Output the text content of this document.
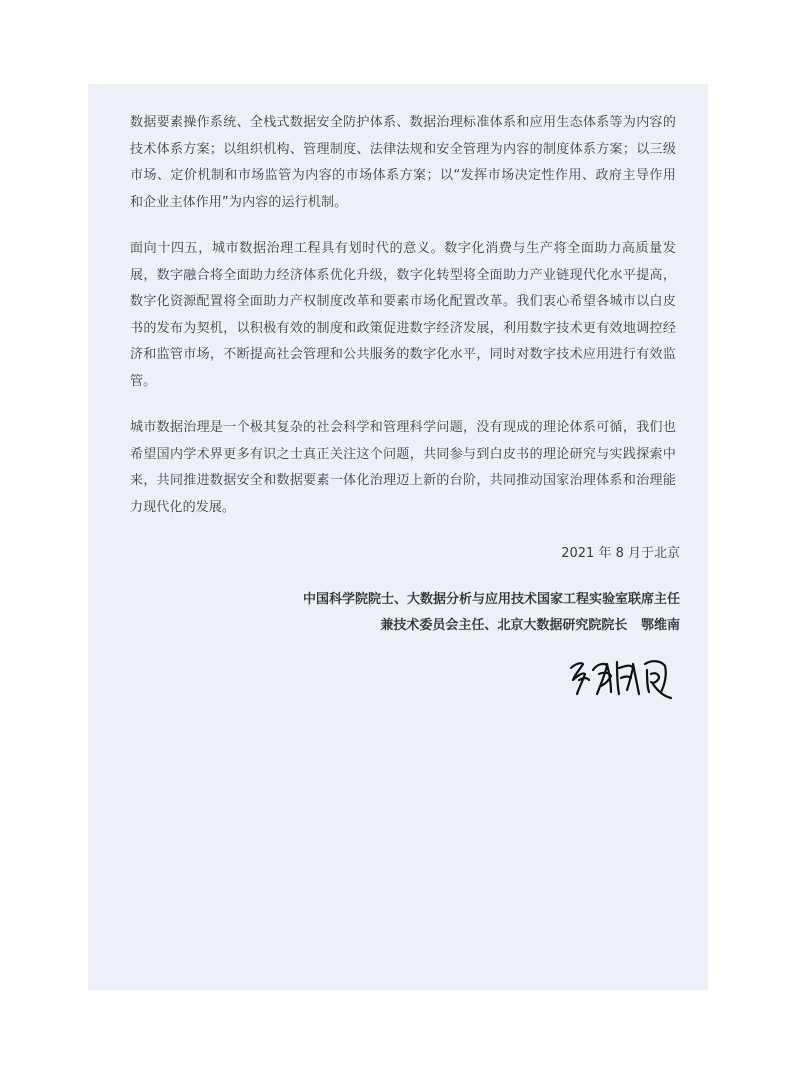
数据要素操作系统、全栈式数据安全防护体系、数据治理标准体系和应用生态体系等为内容的技术体系方案；以组织机构、管理制度、法律法规和安全管理为内容的制度体系方案；以三级市场、定价机制和市场监管为内容的市场体系方案；以“发挥市场决定性作用、政府主导作用和企业主体作用”为内容的运行机制。

面向十四五，城市数据治理工程具有划时代的意义。数字化消费与生产将全面助力高质量发展，数字融合将全面助力经济体系优化升级，数字化转型将全面助力产业链现代化水平提高，数字化资源配置将全面助力产权制度改革和要素市场化配置改革。我们衷心希望各城市以白皮书的发布为契机，以积极有效的制度和政策促进数字经济发展，利用数字技术更有效地调控经济和监管市场，不断提高社会管理和公共服务的数字化水平，同时对数字技术应用进行有效监管。

城市数据治理是一个极其复杂的社会科学和管理科学问题，没有现成的理论体系可循，我们也希望国内学术界更多有识之士真正关注这个问题，共同参与到白皮书的理论研究与实践探索中来，共同推进数据安全和数据要素一体化治理迈上新的台阶，共同推动国家治理体系和治理能力现代化的发展。

2021 年 8 月于北京
中国科学院院士、大数据分析与应用技术国家工程实验室联席主任
兼技术委员会主任、北京大数据研究院院长   鄂维南
